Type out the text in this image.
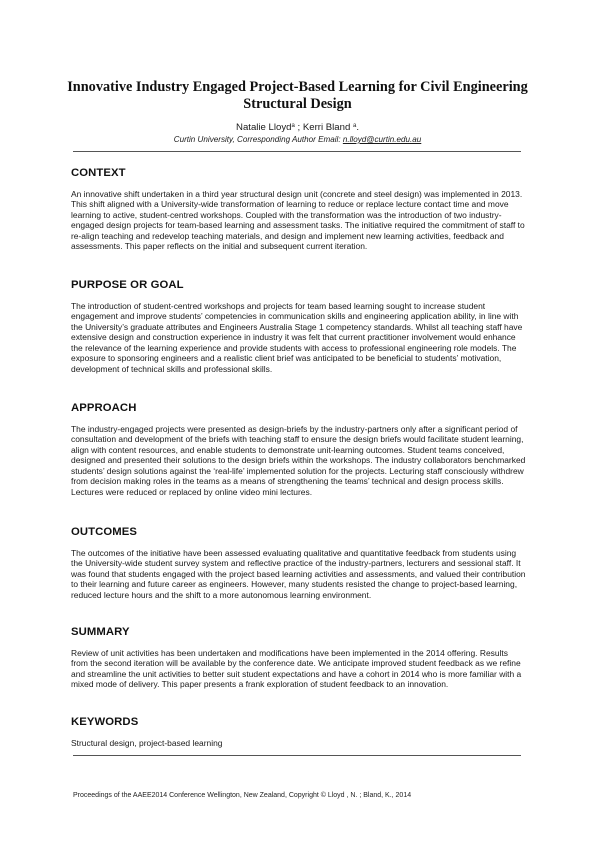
Innovative Industry Engaged Project-Based Learning for Civil Engineering Structural Design
Natalie Lloyd$^a$ ; Kerri Bland $^a$.
Curtin University, Corresponding Author Email: n.lloyd@curtin.edu.au
CONTEXT

An innovative shift undertaken in a third year structural design unit (concrete and steel design) was implemented in 2013. This shift aligned with a University-wide transformation of learning to reduce or replace lecture contact time and move learning to active, student-centred workshops. Coupled with the transformation was the introduction of two industry-engaged design projects for team-based learning and assessment tasks. The initiative required the commitment of staff to re-align teaching and redevelop teaching materials, and design and implement new learning activities, feedback and assessments. This paper reflects on the initial and subsequent current iteration.

PURPOSE OR GOAL

The introduction of student-centred workshops and projects for team based learning sought to increase student engagement and improve students’ competencies in communication skills and engineering application ability, in line with the University’s graduate attributes and Engineers Australia Stage 1 competency standards. Whilst all teaching staff have extensive design and construction experience in industry it was felt that current practitioner involvement would enhance the relevance of the learning experience and provide students with access to professional engineering role models. The exposure to sponsoring engineers and a realistic client brief was anticipated to be beneficial to students’ motivation, development of technical skills and professional skills.

APPROACH

The industry-engaged projects were presented as design-briefs by the industry-partners only after a significant period of consultation and development of the briefs with teaching staff to ensure the design briefs would facilitate student learning, align with content resources, and enable students to demonstrate unit-learning outcomes. Student teams conceived, designed and presented their solutions to the design briefs within the workshops. The industry collaborators benchmarked students’ design solutions against the ‘real-life’ implemented solution for the projects. Lecturing staff consciously withdrew from decision making roles in the teams as a means of strengthening the teams’ technical and design process skills. Lectures were reduced or replaced by online video mini lectures.

OUTCOMES

The outcomes of the initiative have been assessed evaluating qualitative and quantitative feedback from students using the University-wide student survey system and reflective practice of the industry-partners, lecturers and sessional staff. It was found that students engaged with the project based learning activities and assessments, and valued their contribution to their learning and future career as engineers. However, many students resisted the change to project-based learning, reduced lecture hours and the shift to a more autonomous learning environment.

SUMMARY

Review of unit activities has been undertaken and modifications have been implemented in the 2014 offering. Results from the second iteration will be available by the conference date. We anticipate improved student feedback as we refine and streamline the unit activities to better suit student expectations and have a cohort in 2014 who is more familiar with a mixed mode of delivery. This paper presents a frank exploration of student feedback to an innovation.

KEYWORDS

Structural design, project-based learning

Proceedings of the AAEE2014 Conference Wellington, New Zealand, Copyright © Lloyd , N. ; Bland, K., 2014
